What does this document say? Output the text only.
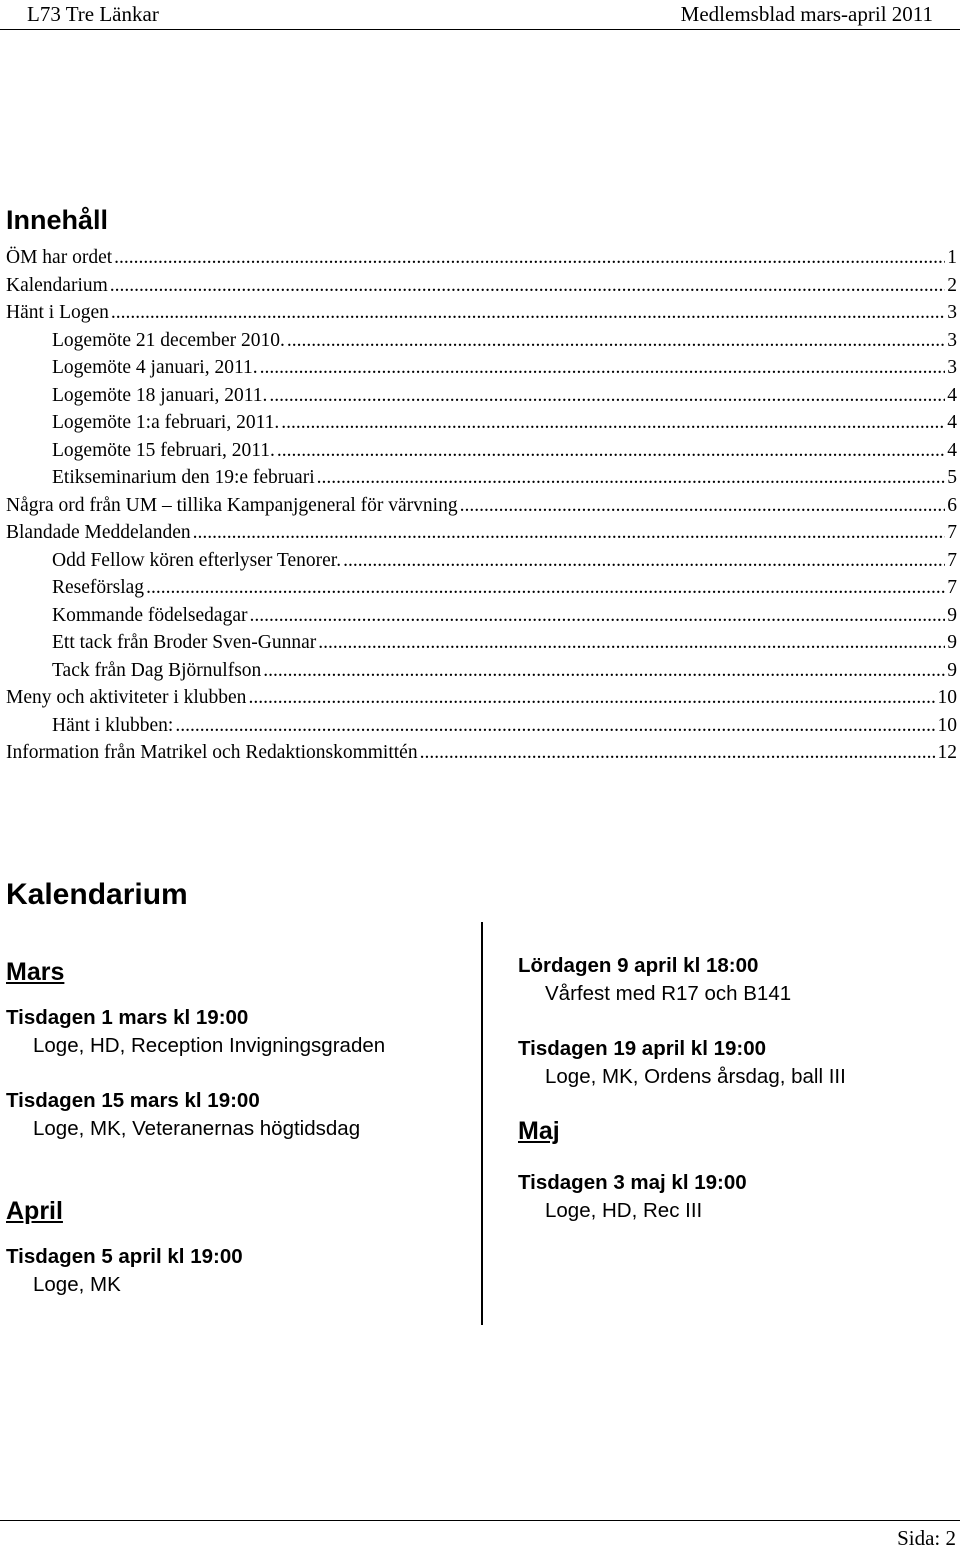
L73 Tre Länkar	Medlemsblad mars-april 2011
Innehåll
ÖM har ordet .....	1
Kalendarium .....	2
Hänt i Logen .....	3
Logemöte 21 december 2010. .....	3
Logemöte 4 januari, 2011. .....	3
Logemöte 18 januari, 2011. .....	4
Logemöte 1:a februari, 2011. .....	4
Logemöte 15 februari, 2011. .....	4
Etikseminarium den 19:e februari .....	5
Några ord från UM – tillika Kampanjgeneral för värvning .....	6
Blandade Meddelanden .....	7
Odd Fellow kören efterlyser Tenorer. .....	7
Reseförslag .....	7
Kommande födelsedagar .....	9
Ett tack från Broder Sven-Gunnar .....	9
Tack från Dag Björnulfson .....	9
Meny och aktiviteter i klubben .....	10
Hänt i klubben: .....	10
Information från Matrikel och Redaktionskommittén .....	12
Kalendarium
Mars
Tisdagen 1 mars kl 19:00
Loge, HD, Reception Invigningsgraden
Tisdagen 15 mars kl 19:00
Loge, MK, Veteranernas högtidsdag
April
Tisdagen 5 april kl 19:00
Loge, MK
Lördagen 9 april kl 18:00
Vårfest med R17 och B141
Tisdagen 19 april kl 19:00
Loge, MK, Ordens årsdag, ball III
Maj
Tisdagen 3 maj kl 19:00
Loge, HD, Rec III
Sida: 2
